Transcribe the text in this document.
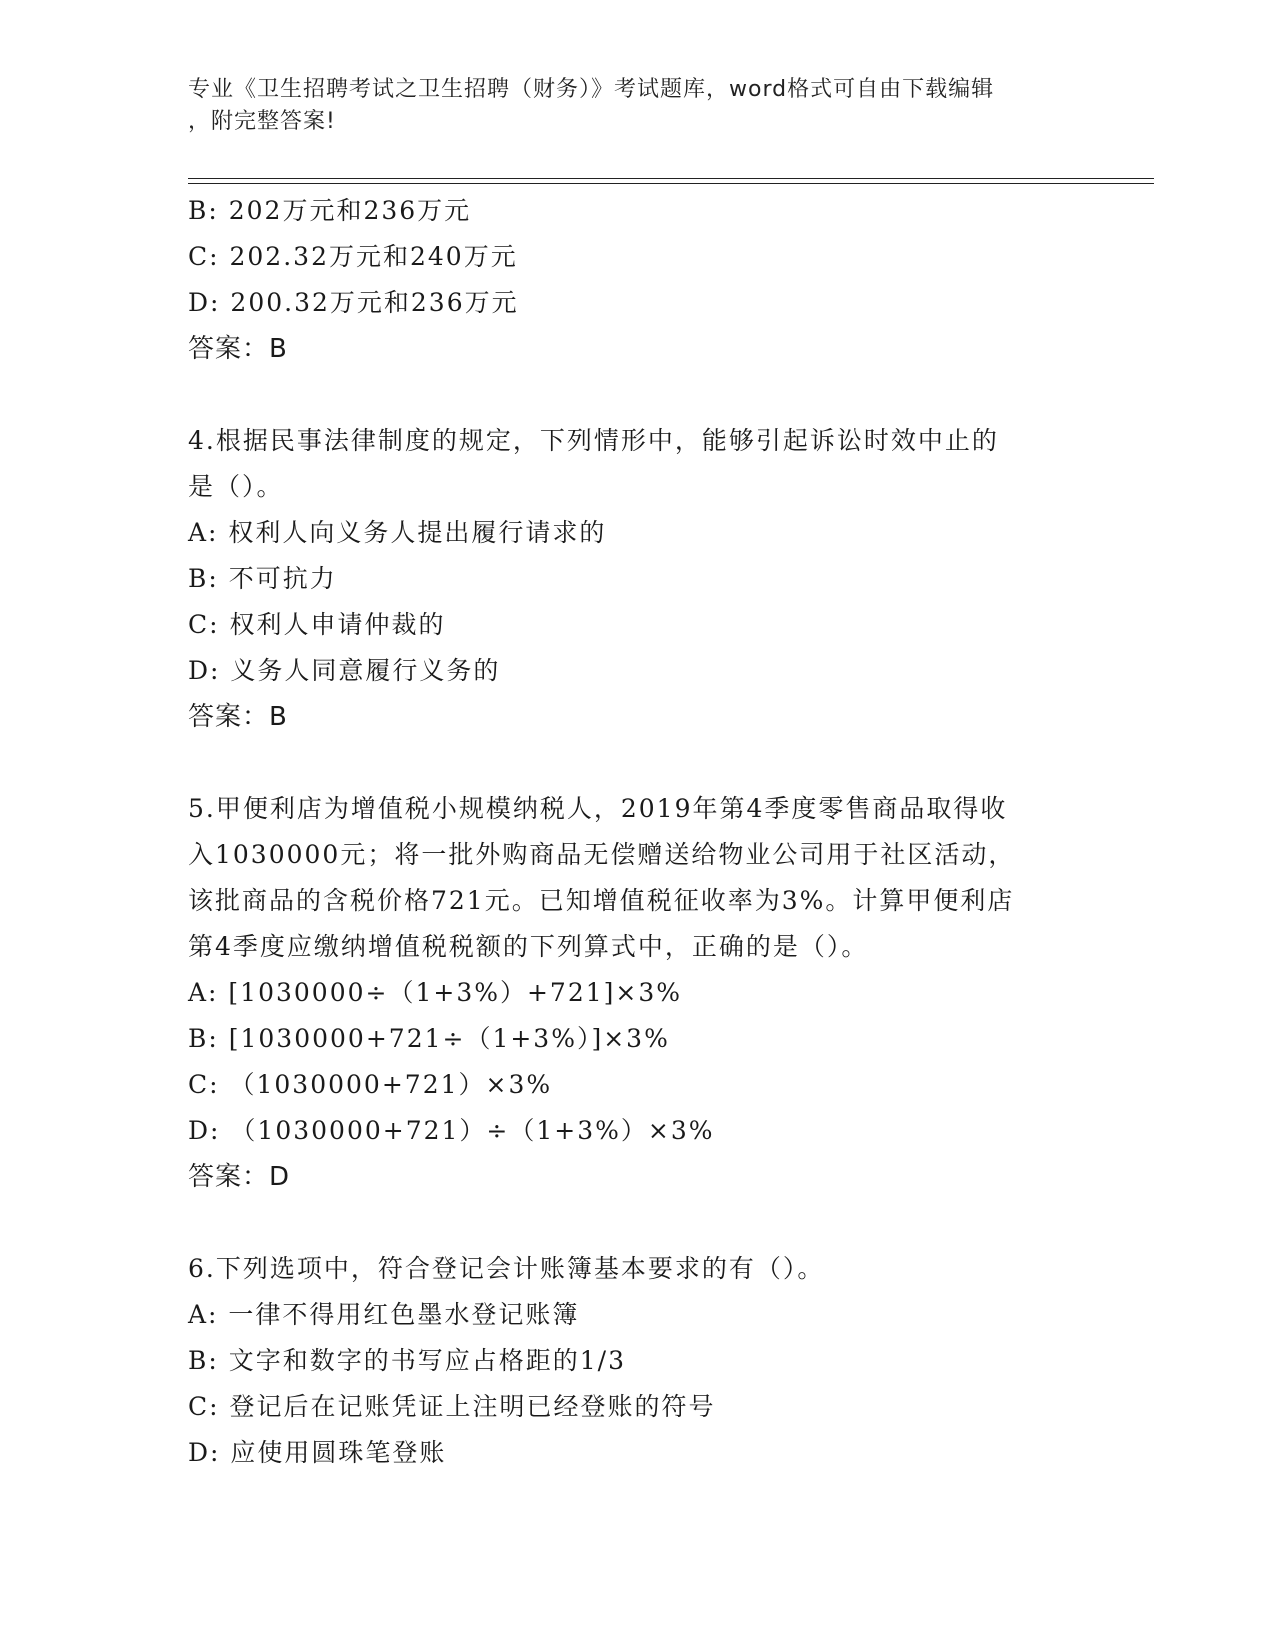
专业《卫生招聘考试之卫生招聘（财务）》考试题库，word格式可自由下载编辑
，附完整答案!
B: 202万元和236万元
C: 202.32万元和240万元
D: 200.32万元和236万元
答案：B
4.根据民事法律制度的规定，下列情形中，能够引起诉讼时效中止的
是（）。
A: 权利人向义务人提出履行请求的
B: 不可抗力
C: 权利人申请仲裁的
D: 义务人同意履行义务的
答案：B
5.甲便利店为增值税小规模纳税人，2019年第4季度零售商品取得收
入1030000元；将一批外购商品无偿赠送给物业公司用于社区活动，
该批商品的含税价格721元。已知增值税征收率为3%。计算甲便利店
第4季度应缴纳增值税税额的下列算式中，正确的是（）。
A: [1030000÷（1+3%）+721]×3%
B: [1030000+721÷（1+3%）]×3%
C: （1030000+721）×3%
D: （1030000+721）÷（1+3%）×3%
答案：D
6.下列选项中，符合登记会计账簿基本要求的有（）。
A: 一律不得用红色墨水登记账簿
B: 文字和数字的书写应占格距的1/3
C: 登记后在记账凭证上注明已经登账的符号
D: 应使用圆珠笔登账
